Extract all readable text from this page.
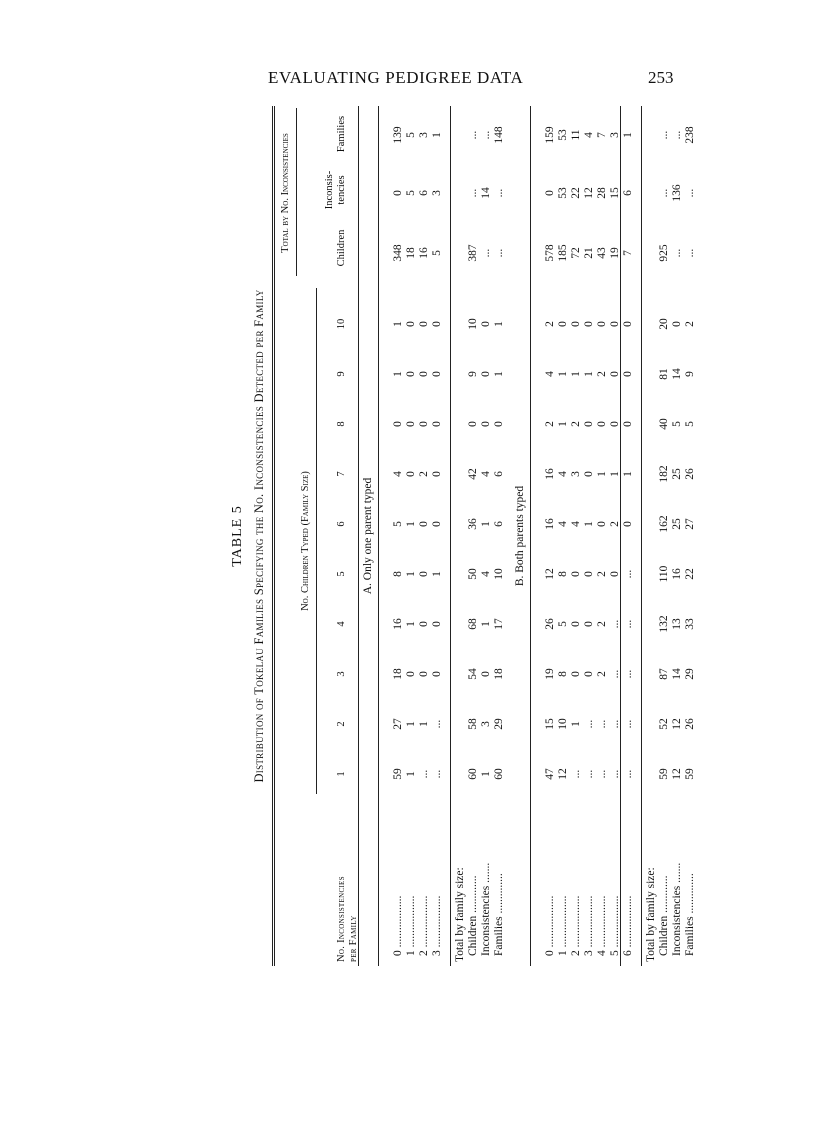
EVALUATING PEDIGREE DATA	253
TABLE 5 Distribution of Tokelau Families Specifying the No. Inconsistencies Detected per Family
No. Inconsistencies per Family
No. Children Typed (Family Size)
Total by No. Inconsistencies	Children
Inconsis- tencies
Families
1
2
3
4
5
6
7
8
9
10
A. Only one parent typed
0 ..................
59
27
18
16
8
5
4
0
1
1
348
0
139
1 ..................
1
1
0
1
1
1
0
0
0
0
18
5
5
2 ..................
...
1
0
0
0
0
2
0
0
0
16
6
3
3 ..................
...
...
0
0
1
0
0
0
0
0
5
3
1
Total by family size: Children .............
60
58
54
68
50
36
42
0
9
10
387
...
...
Inconsistencies .......
1
3
0
1
4
1
4
0
0
0
...
14
...
Families ..............
60
29
18
17
10
6
6
0
1
1
...
...
148
B. Both parents typed
0 ..................
47
15
19
26
12
16
16
2
4
2
578
0
159
1 ..................
12
10
8
5
8
4
4
1
1
0
185
53
53
2 ..................
...
1
0
0
0
4
3
2
1
0
72
22
11
3 ..................
...
...
0
0
0
1
0
0
1
0
21
12
4
4 ..................
...
...
2
2
2
0
1
0
2
0
43
28
7
5 ..................
...
...
...
...
0
2
1
0
0
0
19
15
3
6 ..................
...
...
...
...
...
0
1
0
0
0
7
6
1
Total by family size: Children .............
59
52
87
132
110
162
182
40
81
20
925
...
...
Inconsistencies .......
12
12
14
13
16
25
25
5
14
0
...
136
...
Families ..............
59
26
29
33
22
27
26
5
9
2
...
...
238
